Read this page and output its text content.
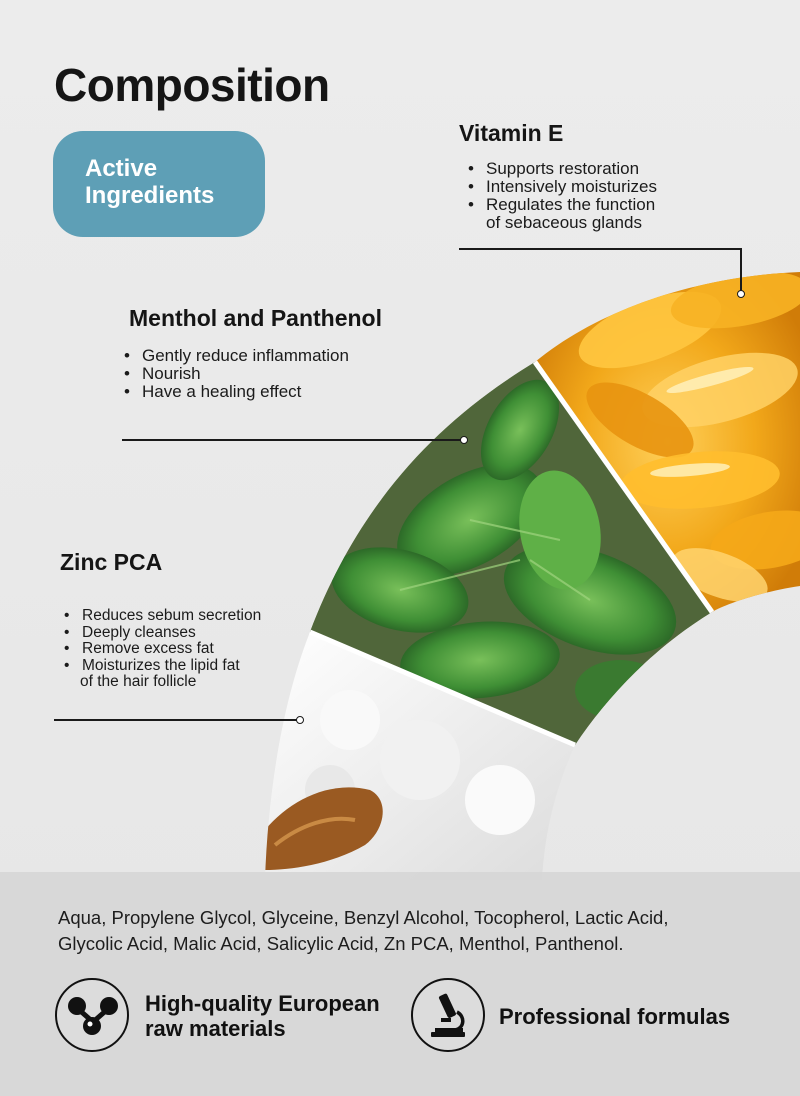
Composition
Active
Ingredients
Vitamin E
• Supports restoration
• Intensively moisturizes
• Regulates the function
of sebaceous glands
Menthol and Panthenol
• Gently reduce inflammation
• Nourish
• Have a healing effect
Zinc PCA
• Reduces sebum secretion
• Deeply cleanses
• Remove excess fat
• Moisturizes the lipid fat
of the hair follicle

Aqua, Propylene Glycol, Glyceine, Benzyl Alcohol, Tocopherol, Lactic Acid,
Glycolic Acid, Malic Acid, Salicylic Acid, Zn PCA, Menthol, Panthenol.

High-quality European
raw materials	Professional formulas
